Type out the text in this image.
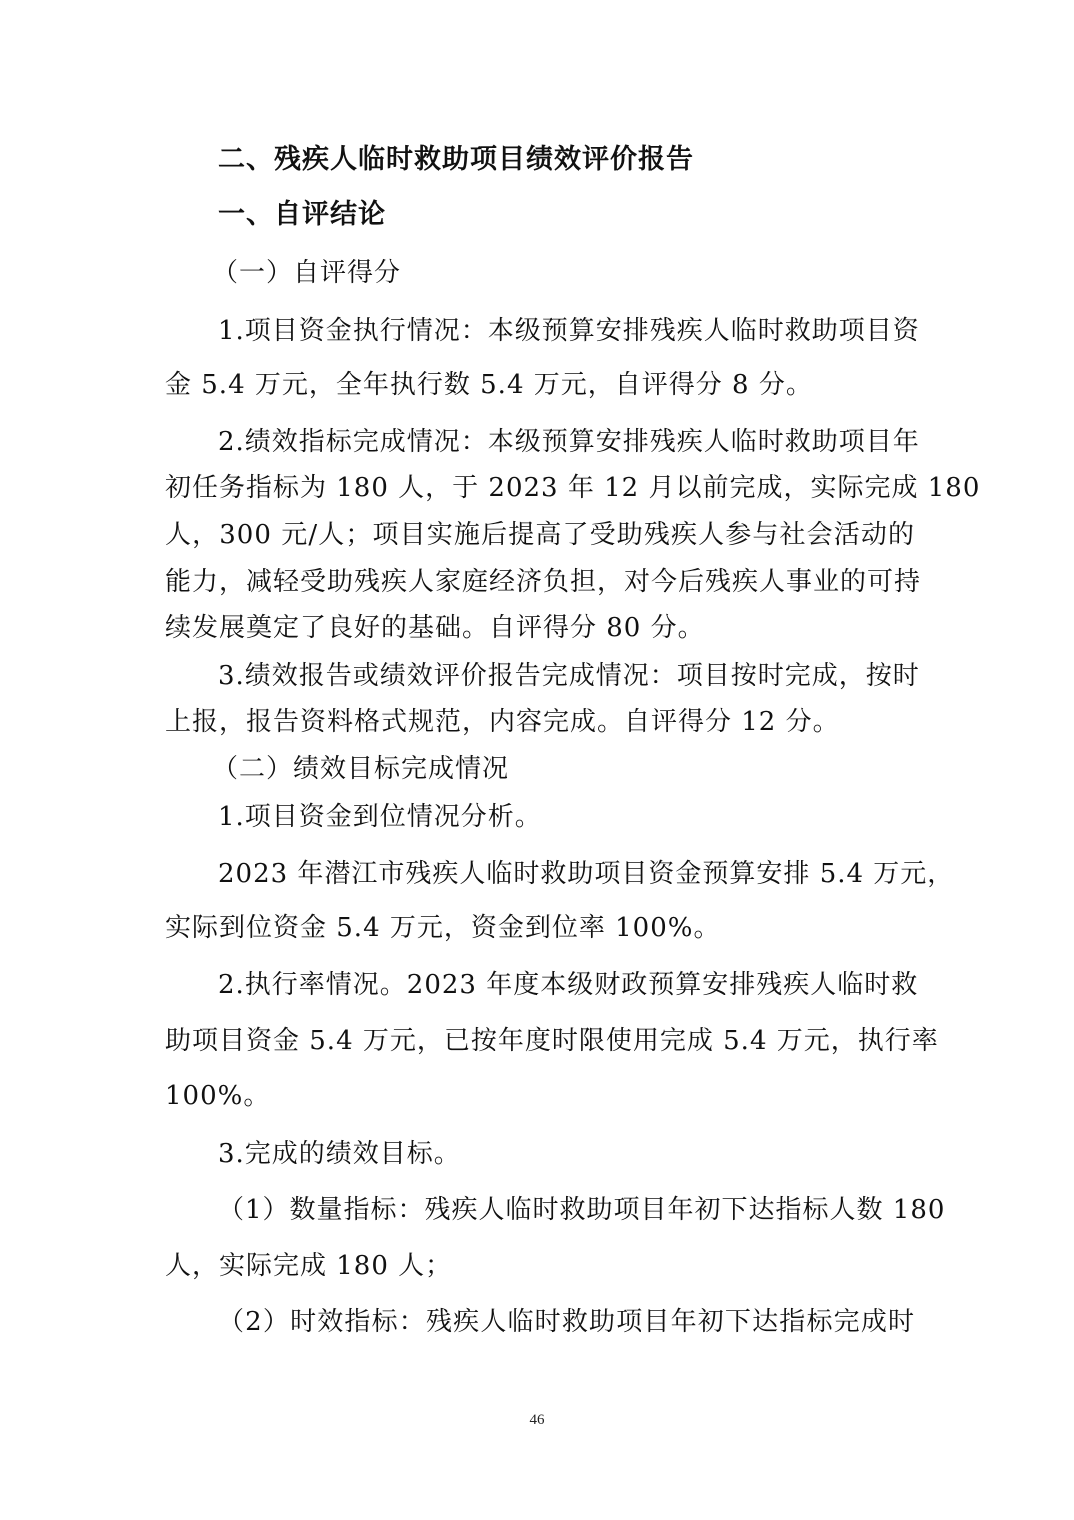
二、残疾人临时救助项目绩效评价报告
一、自评结论
（一）自评得分
1.项目资金执行情况：本级预算安排残疾人临时救助项目资
金 5.4 万元，全年执行数 5.4 万元，自评得分 8 分。
2.绩效指标完成情况：本级预算安排残疾人临时救助项目年
初任务指标为 180 人，于 2023 年 12 月以前完成，实际完成 180
人，300 元/人；项目实施后提高了受助残疾人参与社会活动的
能力，减轻受助残疾人家庭经济负担，对今后残疾人事业的可持
续发展奠定了良好的基础。自评得分 80 分。
3.绩效报告或绩效评价报告完成情况：项目按时完成，按时
上报，报告资料格式规范，内容完成。自评得分 12 分。
（二）绩效目标完成情况
1.项目资金到位情况分析。
2023 年潜江市残疾人临时救助项目资金预算安排 5.4 万元，
实际到位资金 5.4 万元，资金到位率 100%。
2.执行率情况。2023 年度本级财政预算安排残疾人临时救
助项目资金 5.4 万元，已按年度时限使用完成 5.4 万元，执行率
100%。
3.完成的绩效目标。
（1）数量指标：残疾人临时救助项目年初下达指标人数 180
人，实际完成 180 人；
（2）时效指标：残疾人临时救助项目年初下达指标完成时
46
